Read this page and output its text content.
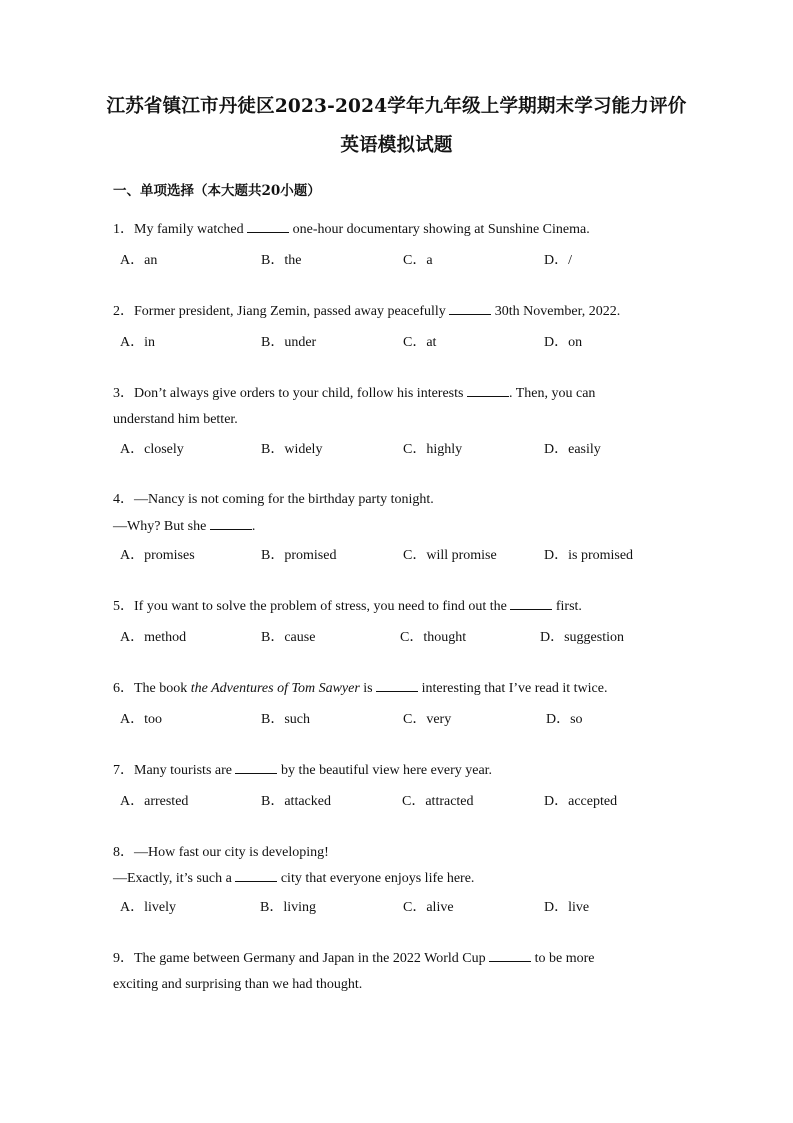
江苏省镇江市丹徒区2023-2024学年九年级上学期期末学习能力评价
英语模拟试题
一、单项选择（本大题共20小题）
1．My family watched	one-hour documentary showing at Sunshine Cinema.
A．an	B．the	C．a	D．/
2．Former president, Jiang Zemin, passed away peacefully	30th November, 2022.
A．in	B．under	C．at	D．on
3．Don’t always give orders to your child, follow his interests	. Then, you can
understand him better.
A．closely	B．widely	C．highly	D．easily
4．—Nancy is not coming for the birthday party tonight.
—Why? But she	.
A．promises	B．promised	C．will promise	D．is promised
5．If you want to solve the problem of stress, you need to find out the	first.
A．method	B．cause	C．thought	D．suggestion
6．The book the Adventures of Tom Sawyer is	interesting that I’ve read it twice.
A．too	B．such	C．very	D．so
7．Many tourists are	by the beautiful view here every year.
A．arrested	B．attacked	C．attracted	D．accepted
8．—How fast our city is developing!
—Exactly, it’s such a	city that everyone enjoys life here.
A．lively	B．living	C．alive	D．live
9．The game between Germany and Japan in the 2022 World Cup	to be more
exciting and surprising than we had thought.
